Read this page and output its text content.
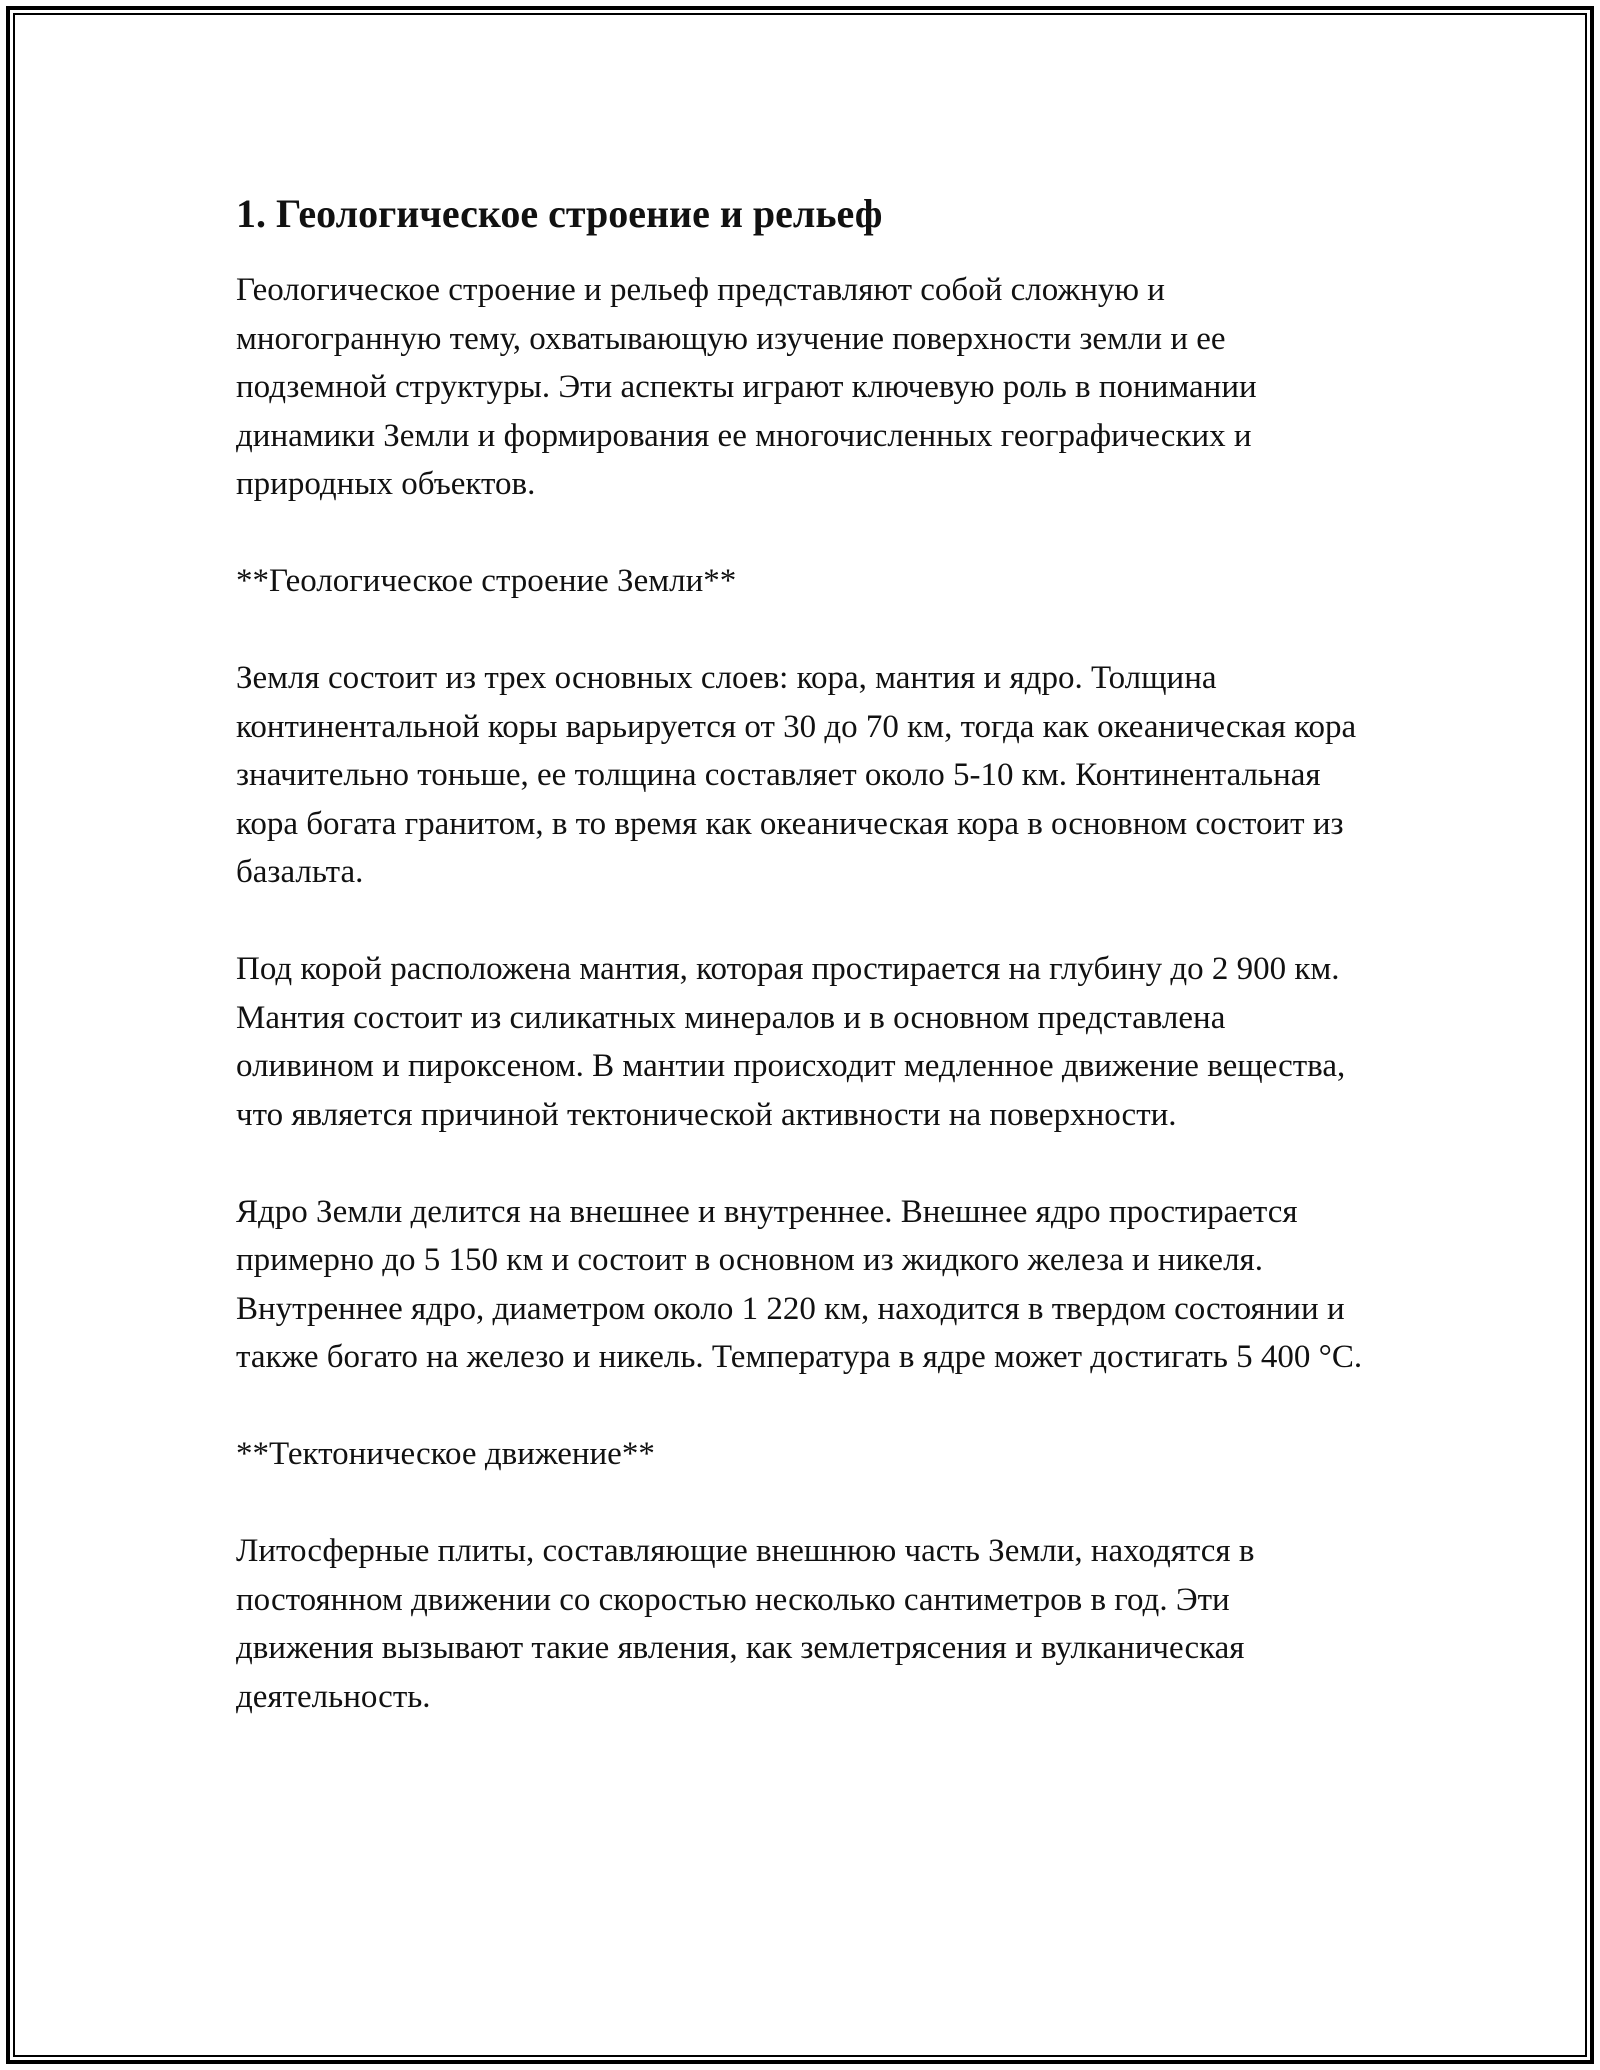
1. Геологическое строение и рельеф

Геологическое строение и рельеф представляют собой сложную и многогранную тему, охватывающую изучение поверхности земли и ее подземной структуры. Эти аспекты играют ключевую роль в понимании динамики Земли и формирования ее многочисленных географических и природных объектов.

**Геологическое строение Земли**

Земля состоит из трех основных слоев: кора, мантия и ядро. Толщина континентальной коры варьируется от 30 до 70 км, тогда как океаническая кора значительно тоньше, ее толщина составляет около 5-10 км. Континентальная кора богата гранитом, в то время как океаническая кора в основном состоит из базальта.

Под корой расположена мантия, которая простирается на глубину до 2 900 км. Мантия состоит из силикатных минералов и в основном представлена оливином и пироксеном. В мантии происходит медленное движение вещества, что является причиной тектонической активности на поверхности.

Ядро Земли делится на внешнее и внутреннее. Внешнее ядро простирается примерно до 5 150 км и состоит в основном из жидкого железа и никеля. Внутреннее ядро, диаметром около 1 220 км, находится в твердом состоянии и также богато на железо и никель. Температура в ядре может достигать 5 400 °C.

**Тектоническое движение**

Литосферные плиты, составляющие внешнюю часть Земли, находятся в постоянном движении со скоростью несколько сантиметров в год. Эти движения вызывают такие явления, как землетрясения и вулканическая деятельность.
